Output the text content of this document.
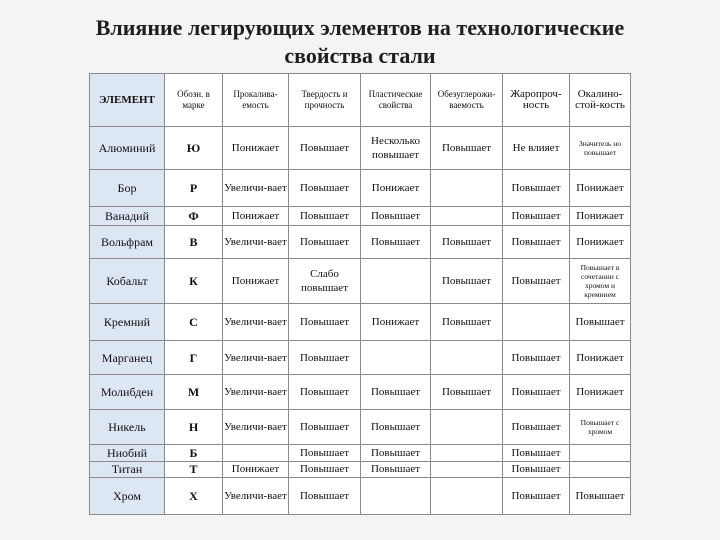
Влияние легирующих элементов на технологические
свойства стали
ЭЛЕМЕНТ	Обозн. в марке	Прокалива-емость	Твердость и прочность	Пластические свойства	Обезуглерожи-ваемость	Жаропроч-ность	Окалино-стой-кость
Алюминий	Ю	Понижает	Повышает	Несколько повышает	Повышает	Не влияет	Значитель но повышает
Бор	Р	Увеличи-вает	Повышает	Понижает		Повышает	Понижает
Ванадий	Ф	Понижает	Повышает	Повышает		Повышает	Понижает
Вольфрам	В	Увеличи-вает	Повышает	Повышает	Повышает	Повышает	Понижает
Кобальт	К	Понижает	Слабо повышает		Повышает	Повышает	Повышает в сочетании с хромом и кремнием
Кремний	С	Увеличи-вает	Повышает	Понижает	Повышает		Повышает
Марганец	Г	Увеличи-вает	Повышает			Повышает	Понижает
Молибден	М	Увеличи-вает	Повышает	Повышает	Повышает	Повышает	Понижает
Никель	Н	Увеличи-вает	Повышает	Повышает		Повышает	Повышает с хромом
Ниобий	Б		Повышает	Повышает		Повышает	
Титан	Т	Понижает	Повышает	Повышает		Повышает	
Хром	Х	Увеличи-вает	Повышает			Повышает	Повышает
